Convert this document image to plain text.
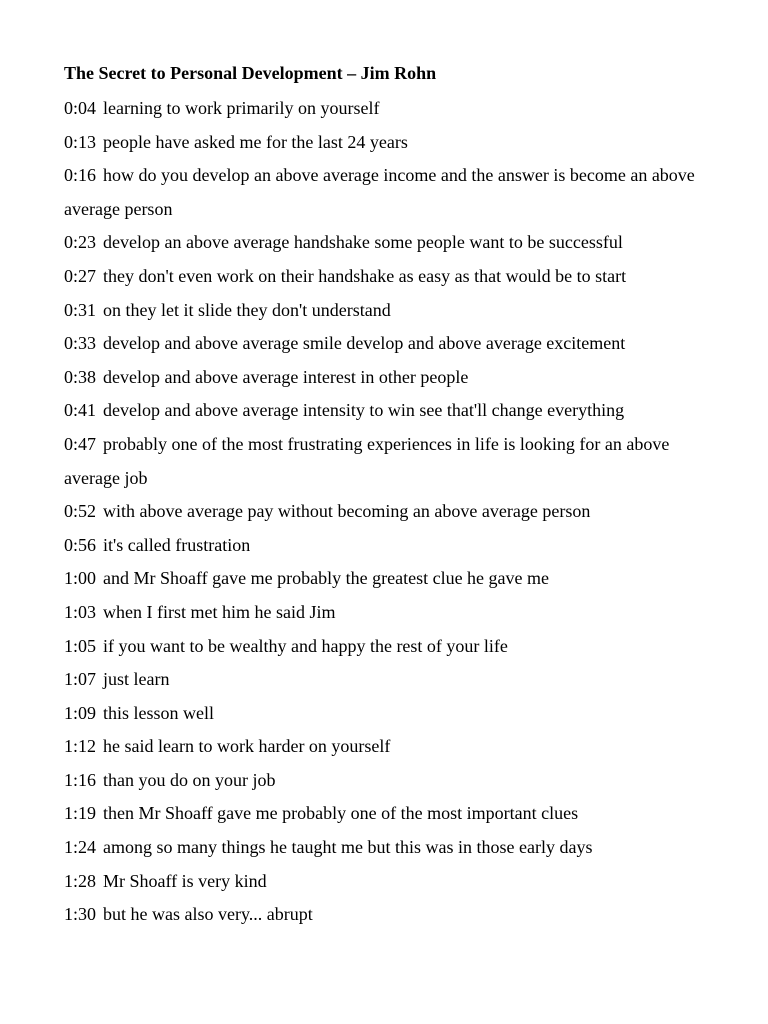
The Secret to Personal Development – Jim Rohn
0:04 learning to work primarily on yourself
0:13 people have asked me for the last 24 years
0:16 how do you develop an above average income and the answer is become an above average person
0:23 develop an above average handshake some people want to be successful
0:27 they don't even work on their handshake as easy as that would be to start
0:31 on they let it slide they don't understand
0:33 develop and above average smile develop and above average excitement
0:38 develop and above average interest in other people
0:41 develop and above average intensity to win see that'll change everything
0:47 probably one of the most frustrating experiences in life is looking for an above average job
0:52 with above average pay without becoming an above average person
0:56 it's called frustration
1:00 and Mr Shoaff gave me probably the greatest clue he gave me
1:03 when I first met him he said Jim
1:05 if you want to be wealthy and happy the rest of your life
1:07 just learn
1:09 this lesson well
1:12 he said learn to work harder on yourself
1:16 than you do on your job
1:19 then Mr Shoaff gave me probably one of the most important clues
1:24 among so many things he taught me but this was in those early days
1:28 Mr Shoaff is very kind
1:30 but he was also very... abrupt
